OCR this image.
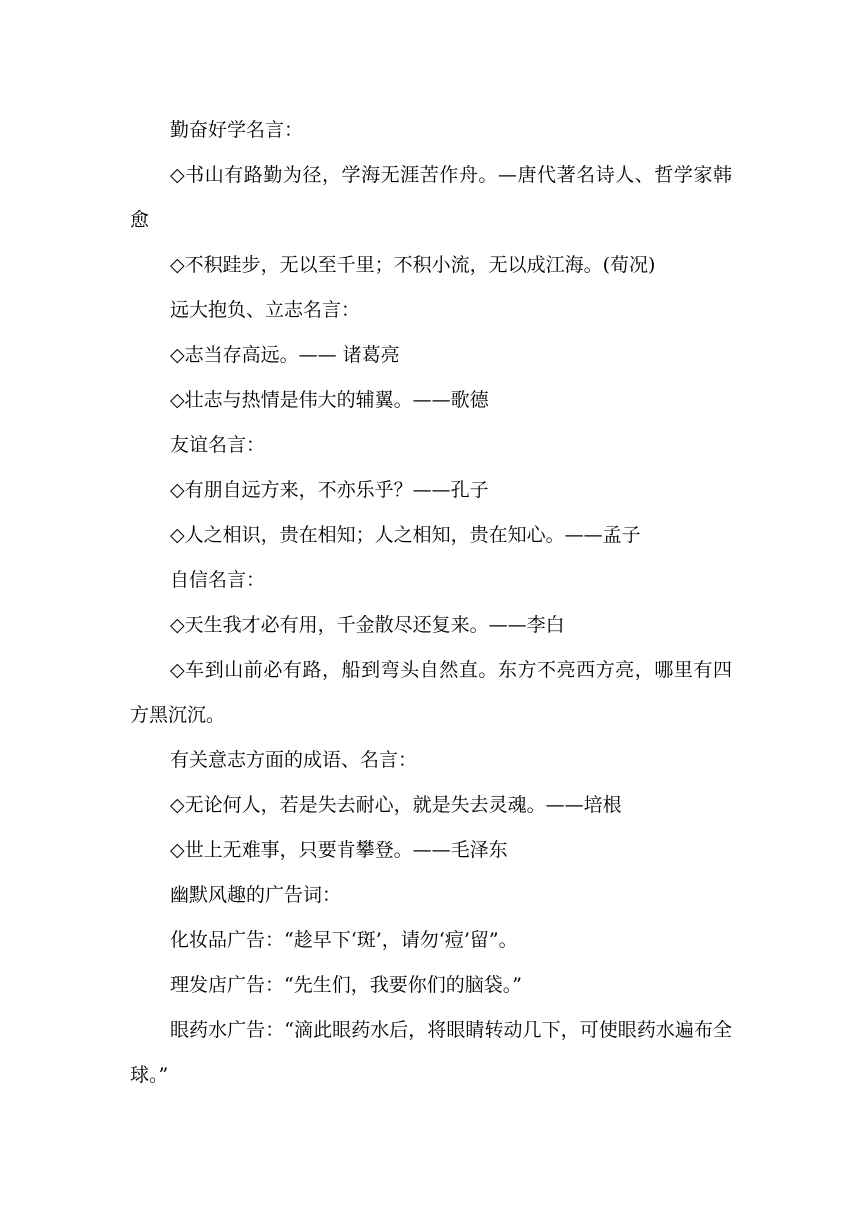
勤奋好学名言：

◇书山有路勤为径，学海无涯苦作舟。—唐代著名诗人、哲学家韩愈

◇不积跬步，无以至千里；不积小流，无以成江海。(荀况)

远大抱负、立志名言：

◇志当存高远。—— 诸葛亮

◇壮志与热情是伟大的辅翼。——歌德

友谊名言：

◇有朋自远方来，不亦乐乎？——孔子

◇人之相识，贵在相知；人之相知，贵在知心。——孟子

自信名言：

◇天生我才必有用，千金散尽还复来。——李白

◇车到山前必有路，船到弯头自然直。东方不亮西方亮，哪里有四方黑沉沉。

有关意志方面的成语、名言：

◇无论何人，若是失去耐心，就是失去灵魂。——培根

◇世上无难事，只要肯攀登。——毛泽东

幽默风趣的广告词：

化妆品广告：“趁早下‘斑’，请勿‘痘’留”。

理发店广告：“先生们，我要你们的脑袋。”

眼药水广告：“滴此眼药水后，将眼睛转动几下，可使眼药水遍布全球。”
